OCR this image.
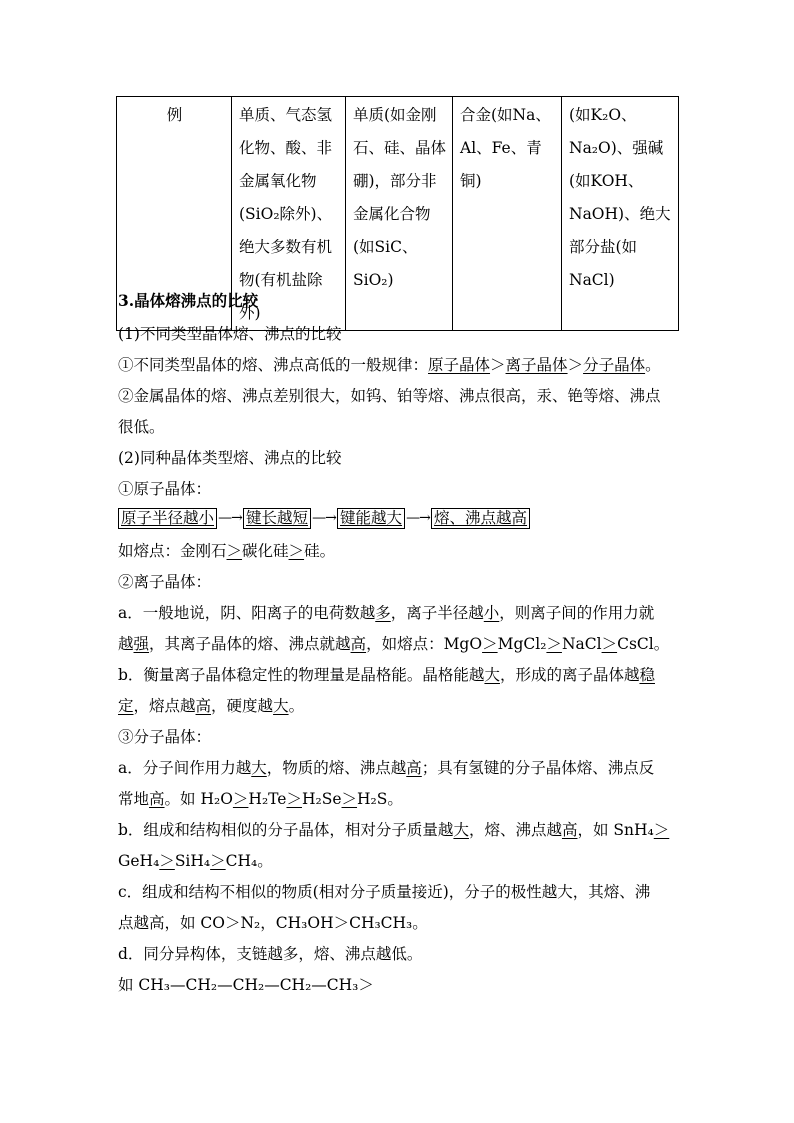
例	单质、气态氢化物、酸、非金属氧化物(SiO₂除外)、绝大多数有机物(有机盐除外)	单质(如金刚石、硅、晶体硼)，部分非金属化合物(如SiC、SiO₂)	合金(如Na、Al、Fe、青铜)	(如K₂O、Na₂O)、强碱(如KOH、NaOH)、绝大部分盐(如NaCl)
3.晶体熔沸点的比较
(1)不同类型晶体熔、沸点的比较
①不同类型晶体的熔、沸点高低的一般规律：原子晶体＞离子晶体＞分子晶体。
②金属晶体的熔、沸点差别很大，如钨、铂等熔、沸点很高，汞、铯等熔、沸点
很低。
(2)同种晶体类型熔、沸点的比较
①原子晶体：
原子半径越小 —→ 键长越短 —→ 键能越大 —→ 熔、沸点越高
如熔点：金刚石＞碳化硅＞硅。
②离子晶体：
a．一般地说，阴、阳离子的电荷数越多，离子半径越小，则离子间的作用力就
越强，其离子晶体的熔、沸点就越高，如熔点：MgO＞MgCl₂＞NaCl＞CsCl。
b．衡量离子晶体稳定性的物理量是晶格能。晶格能越大，形成的离子晶体越稳
定，熔点越高，硬度越大。
③分子晶体：
a．分子间作用力越大，物质的熔、沸点越高；具有氢键的分子晶体熔、沸点反
常地高。如 H₂O＞H₂Te＞H₂Se＞H₂S。
b．组成和结构相似的分子晶体，相对分子质量越大，熔、沸点越高，如 SnH₄＞
GeH₄＞SiH₄＞CH₄。
c．组成和结构不相似的物质(相对分子质量接近)，分子的极性越大，其熔、沸
点越高，如 CO＞N₂，CH₃OH＞CH₃CH₃。
d．同分异构体，支链越多，熔、沸点越低。
如 CH₃—CH₂—CH₂—CH₂—CH₃＞
